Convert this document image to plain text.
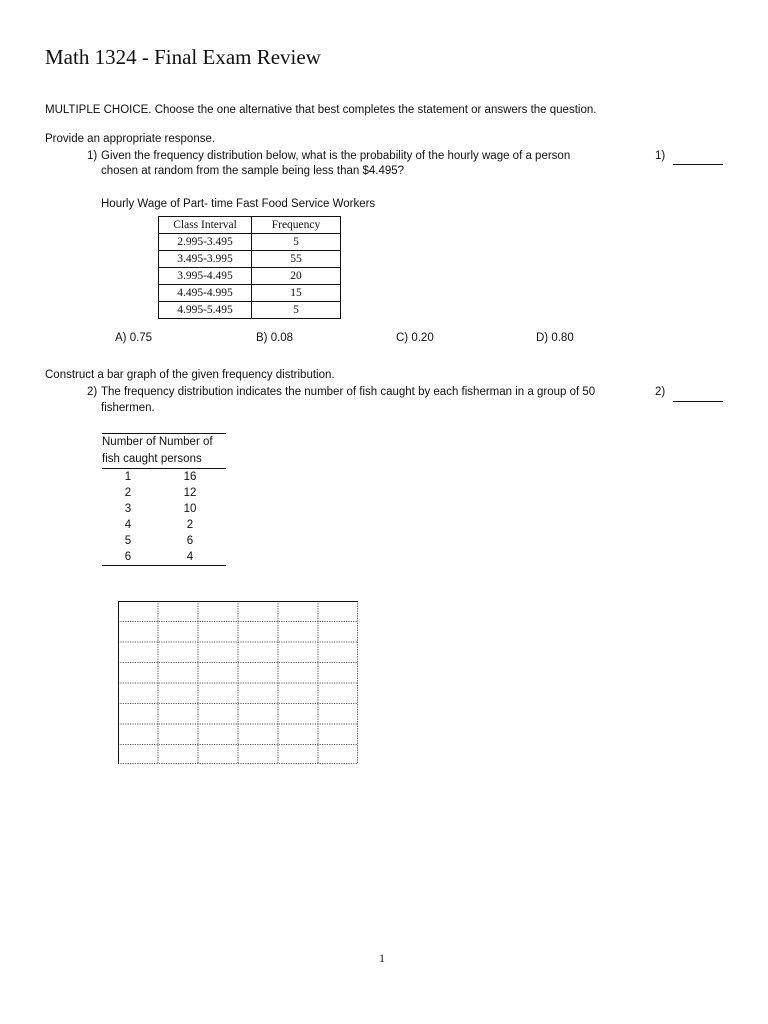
Math 1324 - Final Exam Review
MULTIPLE CHOICE. Choose the one alternative that best completes the statement or answers the question.
Provide an appropriate response.
1) Given the frequency distribution below, what is the probability of the hourly wage of a person
chosen at random from the sample being less than $4.495?
1)
Hourly Wage of Part- time Fast Food Service Workers
Class Interval	Frequency
2.995-3.495	5
3.495-3.995	55
3.995-4.495	20
4.495-4.995	15
4.995-5.495	5
A) 0.75	B) 0.08	C) 0.20	D) 0.80
Construct a bar graph of the given frequency distribution.
2) The frequency distribution indicates the number of fish caught by each fisherman in a group of 50
fishermen.
2)
Number of Number of	
fish caught persons	
1	16
2	12
3	10
4	2
5	6
6	4
1
